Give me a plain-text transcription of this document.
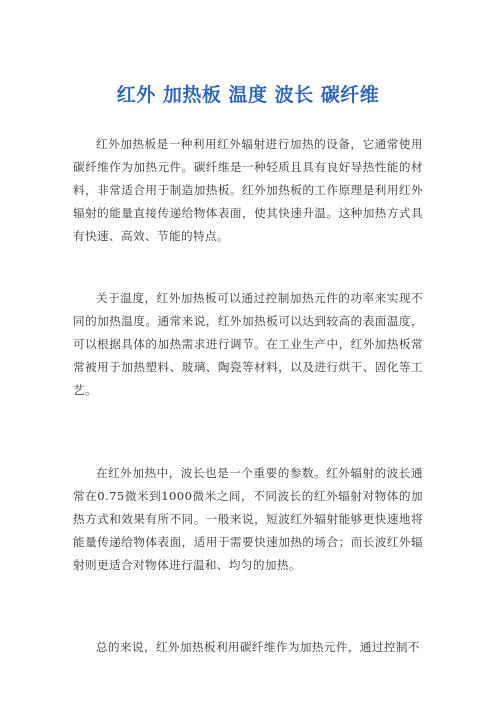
红外 加热板 温度 波长 碳纤维

红外加热板是一种利用红外辐射进行加热的设备，它通常使用碳纤维作为加热元件。碳纤维是一种轻质且具有良好导热性能的材料，非常适合用于制造加热板。红外加热板的工作原理是利用红外辐射的能量直接传递给物体表面，使其快速升温。这种加热方式具有快速、高效、节能的特点。

关于温度，红外加热板可以通过控制加热元件的功率来实现不同的加热温度。通常来说，红外加热板可以达到较高的表面温度，可以根据具体的加热需求进行调节。在工业生产中，红外加热板常常被用于加热塑料、玻璃、陶瓷等材料，以及进行烘干、固化等工艺。

在红外加热中，波长也是一个重要的参数。红外辐射的波长通常在0.75微米到1000微米之间，不同波长的红外辐射对物体的加热方式和效果有所不同。一般来说，短波红外辐射能够更快速地将能量传递给物体表面，适用于需要快速加热的场合；而长波红外辐射则更适合对物体进行温和、均匀的加热。

总的来说，红外加热板利用碳纤维作为加热元件，通过控制不
